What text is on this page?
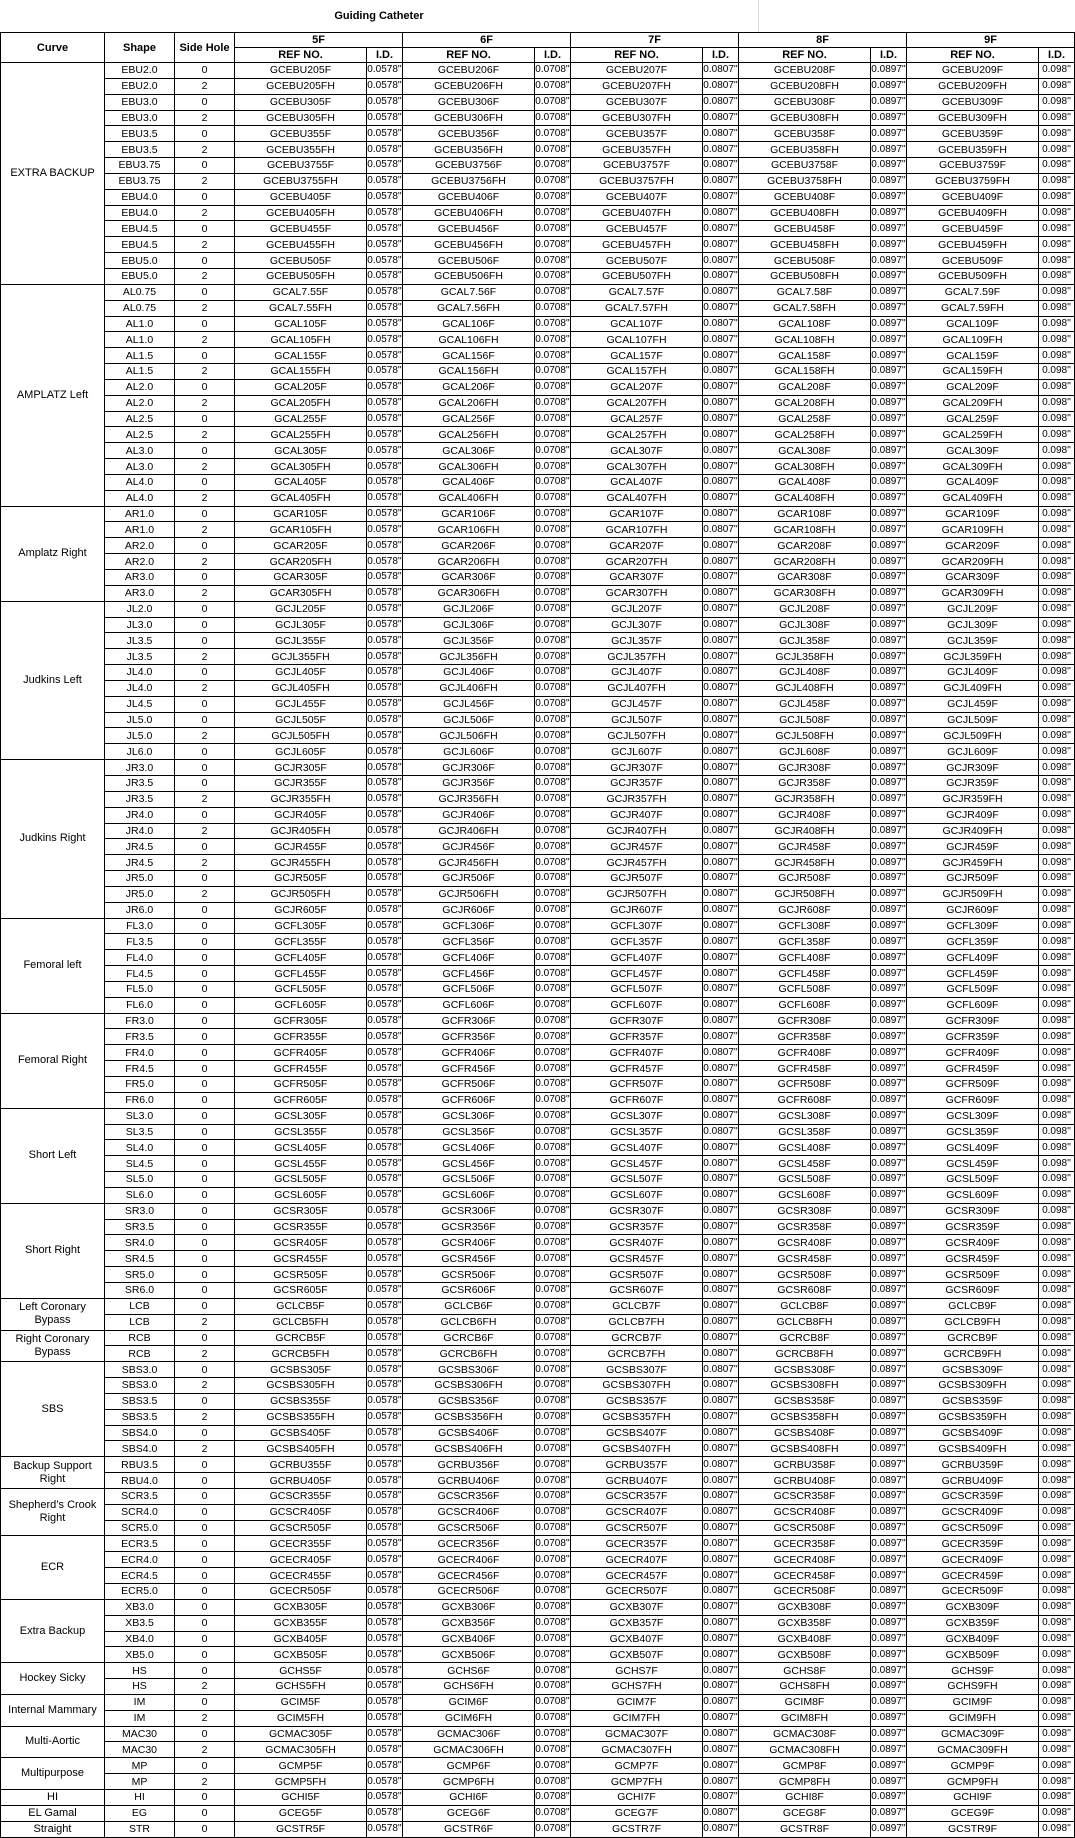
Guiding Catheter
Curve	Shape	Side Hole	5F		6F		7F		8F		9F	
			REF NO.	I.D.	REF NO.	I.D.	REF NO.	I.D.	REF NO.	I.D.	REF NO.	I.D.
EXTRA BACKUP	EBU2.0	0	GCEBU205F	0.0578''	GCEBU206F	0.0708''	GCEBU207F	0.0807''	GCEBU208F	0.0897''	GCEBU209F	0.098''
	EBU2.0	2	GCEBU205FH	0.0578''	GCEBU206FH	0.0708''	GCEBU207FH	0.0807''	GCEBU208FH	0.0897''	GCEBU209FH	0.098''
	EBU3.0	0	GCEBU305F	0.0578''	GCEBU306F	0.0708''	GCEBU307F	0.0807''	GCEBU308F	0.0897''	GCEBU309F	0.098''
	EBU3.0	2	GCEBU305FH	0.0578''	GCEBU306FH	0.0708''	GCEBU307FH	0.0807''	GCEBU308FH	0.0897''	GCEBU309FH	0.098''
	EBU3.5	0	GCEBU355F	0.0578''	GCEBU356F	0.0708''	GCEBU357F	0.0807''	GCEBU358F	0.0897''	GCEBU359F	0.098''
	EBU3.5	2	GCEBU355FH	0.0578''	GCEBU356FH	0.0708''	GCEBU357FH	0.0807''	GCEBU358FH	0.0897''	GCEBU359FH	0.098''
	EBU3.75	0	GCEBU3755F	0.0578''	GCEBU3756F	0.0708''	GCEBU3757F	0.0807''	GCEBU3758F	0.0897''	GCEBU3759F	0.098''
	EBU3.75	2	GCEBU3755FH	0.0578''	GCEBU3756FH	0.0708''	GCEBU3757FH	0.0807''	GCEBU3758FH	0.0897''	GCEBU3759FH	0.098''
	EBU4.0	0	GCEBU405F	0.0578''	GCEBU406F	0.0708''	GCEBU407F	0.0807''	GCEBU408F	0.0897''	GCEBU409F	0.098''
	EBU4.0	2	GCEBU405FH	0.0578''	GCEBU406FH	0.0708''	GCEBU407FH	0.0807''	GCEBU408FH	0.0897''	GCEBU409FH	0.098''
	EBU4.5	0	GCEBU455F	0.0578''	GCEBU456F	0.0708''	GCEBU457F	0.0807''	GCEBU458F	0.0897''	GCEBU459F	0.098''
	EBU4.5	2	GCEBU455FH	0.0578''	GCEBU456FH	0.0708''	GCEBU457FH	0.0807''	GCEBU458FH	0.0897''	GCEBU459FH	0.098''
	EBU5.0	0	GCEBU505F	0.0578''	GCEBU506F	0.0708''	GCEBU507F	0.0807''	GCEBU508F	0.0897''	GCEBU509F	0.098''
	EBU5.0	2	GCEBU505FH	0.0578''	GCEBU506FH	0.0708''	GCEBU507FH	0.0807''	GCEBU508FH	0.0897''	GCEBU509FH	0.098''
AMPLATZ Left	AL0.75	0	GCAL7.55F	0.0578''	GCAL7.56F	0.0708''	GCAL7.57F	0.0807''	GCAL7.58F	0.0897''	GCAL7.59F	0.098''
	AL0.75	2	GCAL7.55FH	0.0578''	GCAL7.56FH	0.0708''	GCAL7.57FH	0.0807''	GCAL7.58FH	0.0897''	GCAL7.59FH	0.098''
	AL1.0	0	GCAL105F	0.0578''	GCAL106F	0.0708''	GCAL107F	0.0807''	GCAL108F	0.0897''	GCAL109F	0.098''
	AL1.0	2	GCAL105FH	0.0578''	GCAL106FH	0.0708''	GCAL107FH	0.0807''	GCAL108FH	0.0897''	GCAL109FH	0.098''
	AL1.5	0	GCAL155F	0.0578''	GCAL156F	0.0708''	GCAL157F	0.0807''	GCAL158F	0.0897''	GCAL159F	0.098''
	AL1.5	2	GCAL155FH	0.0578''	GCAL156FH	0.0708''	GCAL157FH	0.0807''	GCAL158FH	0.0897''	GCAL159FH	0.098''
	AL2.0	0	GCAL205F	0.0578''	GCAL206F	0.0708''	GCAL207F	0.0807''	GCAL208F	0.0897''	GCAL209F	0.098''
	AL2.0	2	GCAL205FH	0.0578''	GCAL206FH	0.0708''	GCAL207FH	0.0807''	GCAL208FH	0.0897''	GCAL209FH	0.098''
	AL2.5	0	GCAL255F	0.0578''	GCAL256F	0.0708''	GCAL257F	0.0807''	GCAL258F	0.0897''	GCAL259F	0.098''
	AL2.5	2	GCAL255FH	0.0578''	GCAL256FH	0.0708''	GCAL257FH	0.0807''	GCAL258FH	0.0897''	GCAL259FH	0.098''
	AL3.0	0	GCAL305F	0.0578''	GCAL306F	0.0708''	GCAL307F	0.0807''	GCAL308F	0.0897''	GCAL309F	0.098''
	AL3.0	2	GCAL305FH	0.0578''	GCAL306FH	0.0708''	GCAL307FH	0.0807''	GCAL308FH	0.0897''	GCAL309FH	0.098''
	AL4.0	0	GCAL405F	0.0578''	GCAL406F	0.0708''	GCAL407F	0.0807''	GCAL408F	0.0897''	GCAL409F	0.098''
	AL4.0	2	GCAL405FH	0.0578''	GCAL406FH	0.0708''	GCAL407FH	0.0807''	GCAL408FH	0.0897''	GCAL409FH	0.098''
Amplatz Right	AR1.0	0	GCAR105F	0.0578''	GCAR106F	0.0708''	GCAR107F	0.0807''	GCAR108F	0.0897''	GCAR109F	0.098''
	AR1.0	2	GCAR105FH	0.0578''	GCAR106FH	0.0708''	GCAR107FH	0.0807''	GCAR108FH	0.0897''	GCAR109FH	0.098''
	AR2.0	0	GCAR205F	0.0578''	GCAR206F	0.0708''	GCAR207F	0.0807''	GCAR208F	0.0897''	GCAR209F	0.098''
	AR2.0	2	GCAR205FH	0.0578''	GCAR206FH	0.0708''	GCAR207FH	0.0807''	GCAR208FH	0.0897''	GCAR209FH	0.098''
	AR3.0	0	GCAR305F	0.0578''	GCAR306F	0.0708''	GCAR307F	0.0807''	GCAR308F	0.0897''	GCAR309F	0.098''
	AR3.0	2	GCAR305FH	0.0578''	GCAR306FH	0.0708''	GCAR307FH	0.0807''	GCAR308FH	0.0897''	GCAR309FH	0.098''
Judkins Left	JL2.0	0	GCJL205F	0.0578''	GCJL206F	0.0708''	GCJL207F	0.0807''	GCJL208F	0.0897''	GCJL209F	0.098''
	JL3.0	0	GCJL305F	0.0578''	GCJL306F	0.0708''	GCJL307F	0.0807''	GCJL308F	0.0897''	GCJL309F	0.098''
	JL3.5	0	GCJL355F	0.0578''	GCJL356F	0.0708''	GCJL357F	0.0807''	GCJL358F	0.0897''	GCJL359F	0.098''
	JL3.5	2	GCJL355FH	0.0578''	GCJL356FH	0.0708''	GCJL357FH	0.0807''	GCJL358FH	0.0897''	GCJL359FH	0.098''
	JL4.0	0	GCJL405F	0.0578''	GCJL406F	0.0708''	GCJL407F	0.0807''	GCJL408F	0.0897''	GCJL409F	0.098''
	JL4.0	2	GCJL405FH	0.0578''	GCJL406FH	0.0708''	GCJL407FH	0.0807''	GCJL408FH	0.0897''	GCJL409FH	0.098''
	JL4.5	0	GCJL455F	0.0578''	GCJL456F	0.0708''	GCJL457F	0.0807''	GCJL458F	0.0897''	GCJL459F	0.098''
	JL5.0	0	GCJL505F	0.0578''	GCJL506F	0.0708''	GCJL507F	0.0807''	GCJL508F	0.0897''	GCJL509F	0.098''
	JL5.0	2	GCJL505FH	0.0578''	GCJL506FH	0.0708''	GCJL507FH	0.0807''	GCJL508FH	0.0897''	GCJL509FH	0.098''
	JL6.0	0	GCJL605F	0.0578''	GCJL606F	0.0708''	GCJL607F	0.0807''	GCJL608F	0.0897''	GCJL609F	0.098''
Judkins Right	JR3.0	0	GCJR305F	0.0578''	GCJR306F	0.0708''	GCJR307F	0.0807''	GCJR308F	0.0897''	GCJR309F	0.098''
	JR3.5	0	GCJR355F	0.0578''	GCJR356F	0.0708''	GCJR357F	0.0807''	GCJR358F	0.0897''	GCJR359F	0.098''
	JR3.5	2	GCJR355FH	0.0578''	GCJR356FH	0.0708''	GCJR357FH	0.0807''	GCJR358FH	0.0897''	GCJR359FH	0.098''
	JR4.0	0	GCJR405F	0.0578''	GCJR406F	0.0708''	GCJR407F	0.0807''	GCJR408F	0.0897''	GCJR409F	0.098''
	JR4.0	2	GCJR405FH	0.0578''	GCJR406FH	0.0708''	GCJR407FH	0.0807''	GCJR408FH	0.0897''	GCJR409FH	0.098''
	JR4.5	0	GCJR455F	0.0578''	GCJR456F	0.0708''	GCJR457F	0.0807''	GCJR458F	0.0897''	GCJR459F	0.098''
	JR4.5	2	GCJR455FH	0.0578''	GCJR456FH	0.0708''	GCJR457FH	0.0807''	GCJR458FH	0.0897''	GCJR459FH	0.098''
	JR5.0	0	GCJR505F	0.0578''	GCJR506F	0.0708''	GCJR507F	0.0807''	GCJR508F	0.0897''	GCJR509F	0.098''
	JR5.0	2	GCJR505FH	0.0578''	GCJR506FH	0.0708''	GCJR507FH	0.0807''	GCJR508FH	0.0897''	GCJR509FH	0.098''
	JR6.0	0	GCJR605F	0.0578''	GCJR606F	0.0708''	GCJR607F	0.0807''	GCJR608F	0.0897''	GCJR609F	0.098''
Femoral left	FL3.0	0	GCFL305F	0.0578''	GCFL306F	0.0708''	GCFL307F	0.0807''	GCFL308F	0.0897''	GCFL309F	0.098''
	FL3.5	0	GCFL355F	0.0578''	GCFL356F	0.0708''	GCFL357F	0.0807''	GCFL358F	0.0897''	GCFL359F	0.098''
	FL4.0	0	GCFL405F	0.0578''	GCFL406F	0.0708''	GCFL407F	0.0807''	GCFL408F	0.0897''	GCFL409F	0.098''
	FL4.5	0	GCFL455F	0.0578''	GCFL456F	0.0708''	GCFL457F	0.0807''	GCFL458F	0.0897''	GCFL459F	0.098''
	FL5.0	0	GCFL505F	0.0578''	GCFL506F	0.0708''	GCFL507F	0.0807''	GCFL508F	0.0897''	GCFL509F	0.098''
	FL6.0	0	GCFL605F	0.0578''	GCFL606F	0.0708''	GCFL607F	0.0807''	GCFL608F	0.0897''	GCFL609F	0.098''
Femoral Right	FR3.0	0	GCFR305F	0.0578''	GCFR306F	0.0708''	GCFR307F	0.0807''	GCFR308F	0.0897''	GCFR309F	0.098''
	FR3.5	0	GCFR355F	0.0578''	GCFR356F	0.0708''	GCFR357F	0.0807''	GCFR358F	0.0897''	GCFR359F	0.098''
	FR4.0	0	GCFR405F	0.0578''	GCFR406F	0.0708''	GCFR407F	0.0807''	GCFR408F	0.0897''	GCFR409F	0.098''
	FR4.5	0	GCFR455F	0.0578''	GCFR456F	0.0708''	GCFR457F	0.0807''	GCFR458F	0.0897''	GCFR459F	0.098''
	FR5.0	0	GCFR505F	0.0578''	GCFR506F	0.0708''	GCFR507F	0.0807''	GCFR508F	0.0897''	GCFR509F	0.098''
	FR6.0	0	GCFR605F	0.0578''	GCFR606F	0.0708''	GCFR607F	0.0807''	GCFR608F	0.0897''	GCFR609F	0.098''
Short Left	SL3.0	0	GCSL305F	0.0578''	GCSL306F	0.0708''	GCSL307F	0.0807''	GCSL308F	0.0897''	GCSL309F	0.098''
	SL3.5	0	GCSL355F	0.0578''	GCSL356F	0.0708''	GCSL357F	0.0807''	GCSL358F	0.0897''	GCSL359F	0.098''
	SL4.0	0	GCSL405F	0.0578''	GCSL406F	0.0708''	GCSL407F	0.0807''	GCSL408F	0.0897''	GCSL409F	0.098''
	SL4.5	0	GCSL455F	0.0578''	GCSL456F	0.0708''	GCSL457F	0.0807''	GCSL458F	0.0897''	GCSL459F	0.098''
	SL5.0	0	GCSL505F	0.0578''	GCSL506F	0.0708''	GCSL507F	0.0807''	GCSL508F	0.0897''	GCSL509F	0.098''
	SL6.0	0	GCSL605F	0.0578''	GCSL606F	0.0708''	GCSL607F	0.0807''	GCSL608F	0.0897''	GCSL609F	0.098''
Short Right	SR3.0	0	GCSR305F	0.0578''	GCSR306F	0.0708''	GCSR307F	0.0807''	GCSR308F	0.0897''	GCSR309F	0.098''
	SR3.5	0	GCSR355F	0.0578''	GCSR356F	0.0708''	GCSR357F	0.0807''	GCSR358F	0.0897''	GCSR359F	0.098''
	SR4.0	0	GCSR405F	0.0578''	GCSR406F	0.0708''	GCSR407F	0.0807''	GCSR408F	0.0897''	GCSR409F	0.098''
	SR4.5	0	GCSR455F	0.0578''	GCSR456F	0.0708''	GCSR457F	0.0807''	GCSR458F	0.0897''	GCSR459F	0.098''
	SR5.0	0	GCSR505F	0.0578''	GCSR506F	0.0708''	GCSR507F	0.0807''	GCSR508F	0.0897''	GCSR509F	0.098''
	SR6.0	0	GCSR605F	0.0578''	GCSR606F	0.0708''	GCSR607F	0.0807''	GCSR608F	0.0897''	GCSR609F	0.098''
Left Coronary Bypass	LCB	0	GCLCB5F	0.0578''	GCLCB6F	0.0708''	GCLCB7F	0.0807''	GCLCB8F	0.0897''	GCLCB9F	0.098''
	LCB	2	GCLCB5FH	0.0578''	GCLCB6FH	0.0708''	GCLCB7FH	0.0807''	GCLCB8FH	0.0897''	GCLCB9FH	0.098''
Right Coronary Bypass	RCB	0	GCRCB5F	0.0578''	GCRCB6F	0.0708''	GCRCB7F	0.0807''	GCRCB8F	0.0897''	GCRCB9F	0.098''
	RCB	2	GCRCB5FH	0.0578''	GCRCB6FH	0.0708''	GCRCB7FH	0.0807''	GCRCB8FH	0.0897''	GCRCB9FH	0.098''
SBS	SBS3.0	0	GCSBS305F	0.0578''	GCSBS306F	0.0708''	GCSBS307F	0.0807''	GCSBS308F	0.0897''	GCSBS309F	0.098''
	SBS3.0	2	GCSBS305FH	0.0578''	GCSBS306FH	0.0708''	GCSBS307FH	0.0807''	GCSBS308FH	0.0897''	GCSBS309FH	0.098''
	SBS3.5	0	GCSBS355F	0.0578''	GCSBS356F	0.0708''	GCSBS357F	0.0807''	GCSBS358F	0.0897''	GCSBS359F	0.098''
	SBS3.5	2	GCSBS355FH	0.0578''	GCSBS356FH	0.0708''	GCSBS357FH	0.0807''	GCSBS358FH	0.0897''	GCSBS359FH	0.098''
	SBS4.0	0	GCSBS405F	0.0578''	GCSBS406F	0.0708''	GCSBS407F	0.0807''	GCSBS408F	0.0897''	GCSBS409F	0.098''
	SBS4.0	2	GCSBS405FH	0.0578''	GCSBS406FH	0.0708''	GCSBS407FH	0.0807''	GCSBS408FH	0.0897''	GCSBS409FH	0.098''
Backup Support Right	RBU3.5	0	GCRBU355F	0.0578''	GCRBU356F	0.0708''	GCRBU357F	0.0807''	GCRBU358F	0.0897''	GCRBU359F	0.098''
	RBU4.0	0	GCRBU405F	0.0578''	GCRBU406F	0.0708''	GCRBU407F	0.0807''	GCRBU408F	0.0897''	GCRBU409F	0.098''
Shepherd’s Crook Right	SCR3.5	0	GCSCR355F	0.0578''	GCSCR356F	0.0708''	GCSCR357F	0.0807''	GCSCR358F	0.0897''	GCSCR359F	0.098''
	SCR4.0	0	GCSCR405F	0.0578''	GCSCR406F	0.0708''	GCSCR407F	0.0807''	GCSCR408F	0.0897''	GCSCR409F	0.098''
	SCR5.0	0	GCSCR505F	0.0578''	GCSCR506F	0.0708''	GCSCR507F	0.0807''	GCSCR508F	0.0897''	GCSCR509F	0.098''
ECR	ECR3.5	0	GCECR355F	0.0578''	GCECR356F	0.0708''	GCECR357F	0.0807''	GCECR358F	0.0897''	GCECR359F	0.098''
	ECR4.0	0	GCECR405F	0.0578''	GCECR406F	0.0708''	GCECR407F	0.0807''	GCECR408F	0.0897''	GCECR409F	0.098''
	ECR4.5	0	GCECR455F	0.0578''	GCECR456F	0.0708''	GCECR457F	0.0807''	GCECR458F	0.0897''	GCECR459F	0.098''
	ECR5.0	0	GCECR505F	0.0578''	GCECR506F	0.0708''	GCECR507F	0.0807''	GCECR508F	0.0897''	GCECR509F	0.098''
Extra Backup	XB3.0	0	GCXB305F	0.0578''	GCXB306F	0.0708''	GCXB307F	0.0807''	GCXB308F	0.0897''	GCXB309F	0.098''
	XB3.5	0	GCXB355F	0.0578''	GCXB356F	0.0708''	GCXB357F	0.0807''	GCXB358F	0.0897''	GCXB359F	0.098''
	XB4.0	0	GCXB405F	0.0578''	GCXB406F	0.0708''	GCXB407F	0.0807''	GCXB408F	0.0897''	GCXB409F	0.098''
	XB5.0	0	GCXB505F	0.0578''	GCXB506F	0.0708''	GCXB507F	0.0807''	GCXB508F	0.0897''	GCXB509F	0.098''
Hockey Sicky	HS	0	GCHS5F	0.0578''	GCHS6F	0.0708''	GCHS7F	0.0807''	GCHS8F	0.0897''	GCHS9F	0.098''
	HS	2	GCHS5FH	0.0578''	GCHS6FH	0.0708''	GCHS7FH	0.0807''	GCHS8FH	0.0897''	GCHS9FH	0.098''
Internal Mammary	IM	0	GCIM5F	0.0578''	GCIM6F	0.0708''	GCIM7F	0.0807''	GCIM8F	0.0897''	GCIM9F	0.098''
	IM	2	GCIM5FH	0.0578''	GCIM6FH	0.0708''	GCIM7FH	0.0807''	GCIM8FH	0.0897''	GCIM9FH	0.098''
Multi-Aortic	MAC30	0	GCMAC305F	0.0578''	GCMAC306F	0.0708''	GCMAC307F	0.0807''	GCMAC308F	0.0897''	GCMAC309F	0.098''
	MAC30	2	GCMAC305FH	0.0578''	GCMAC306FH	0.0708''	GCMAC307FH	0.0807''	GCMAC308FH	0.0897''	GCMAC309FH	0.098''
Multipurpose	MP	0	GCMP5F	0.0578''	GCMP6F	0.0708''	GCMP7F	0.0807''	GCMP8F	0.0897''	GCMP9F	0.098''
	MP	2	GCMP5FH	0.0578''	GCMP6FH	0.0708''	GCMP7FH	0.0807''	GCMP8FH	0.0897''	GCMP9FH	0.098''
HI	HI	0	GCHI5F	0.0578''	GCHI6F	0.0708''	GCHI7F	0.0807''	GCHI8F	0.0897''	GCHI9F	0.098''
EL Gamal	EG	0	GCEG5F	0.0578''	GCEG6F	0.0708''	GCEG7F	0.0807''	GCEG8F	0.0897''	GCEG9F	0.098''
Straight	STR	0	GCSTR5F	0.0578''	GCSTR6F	0.0708''	GCSTR7F	0.0807''	GCSTR8F	0.0897''	GCSTR9F	0.098''
